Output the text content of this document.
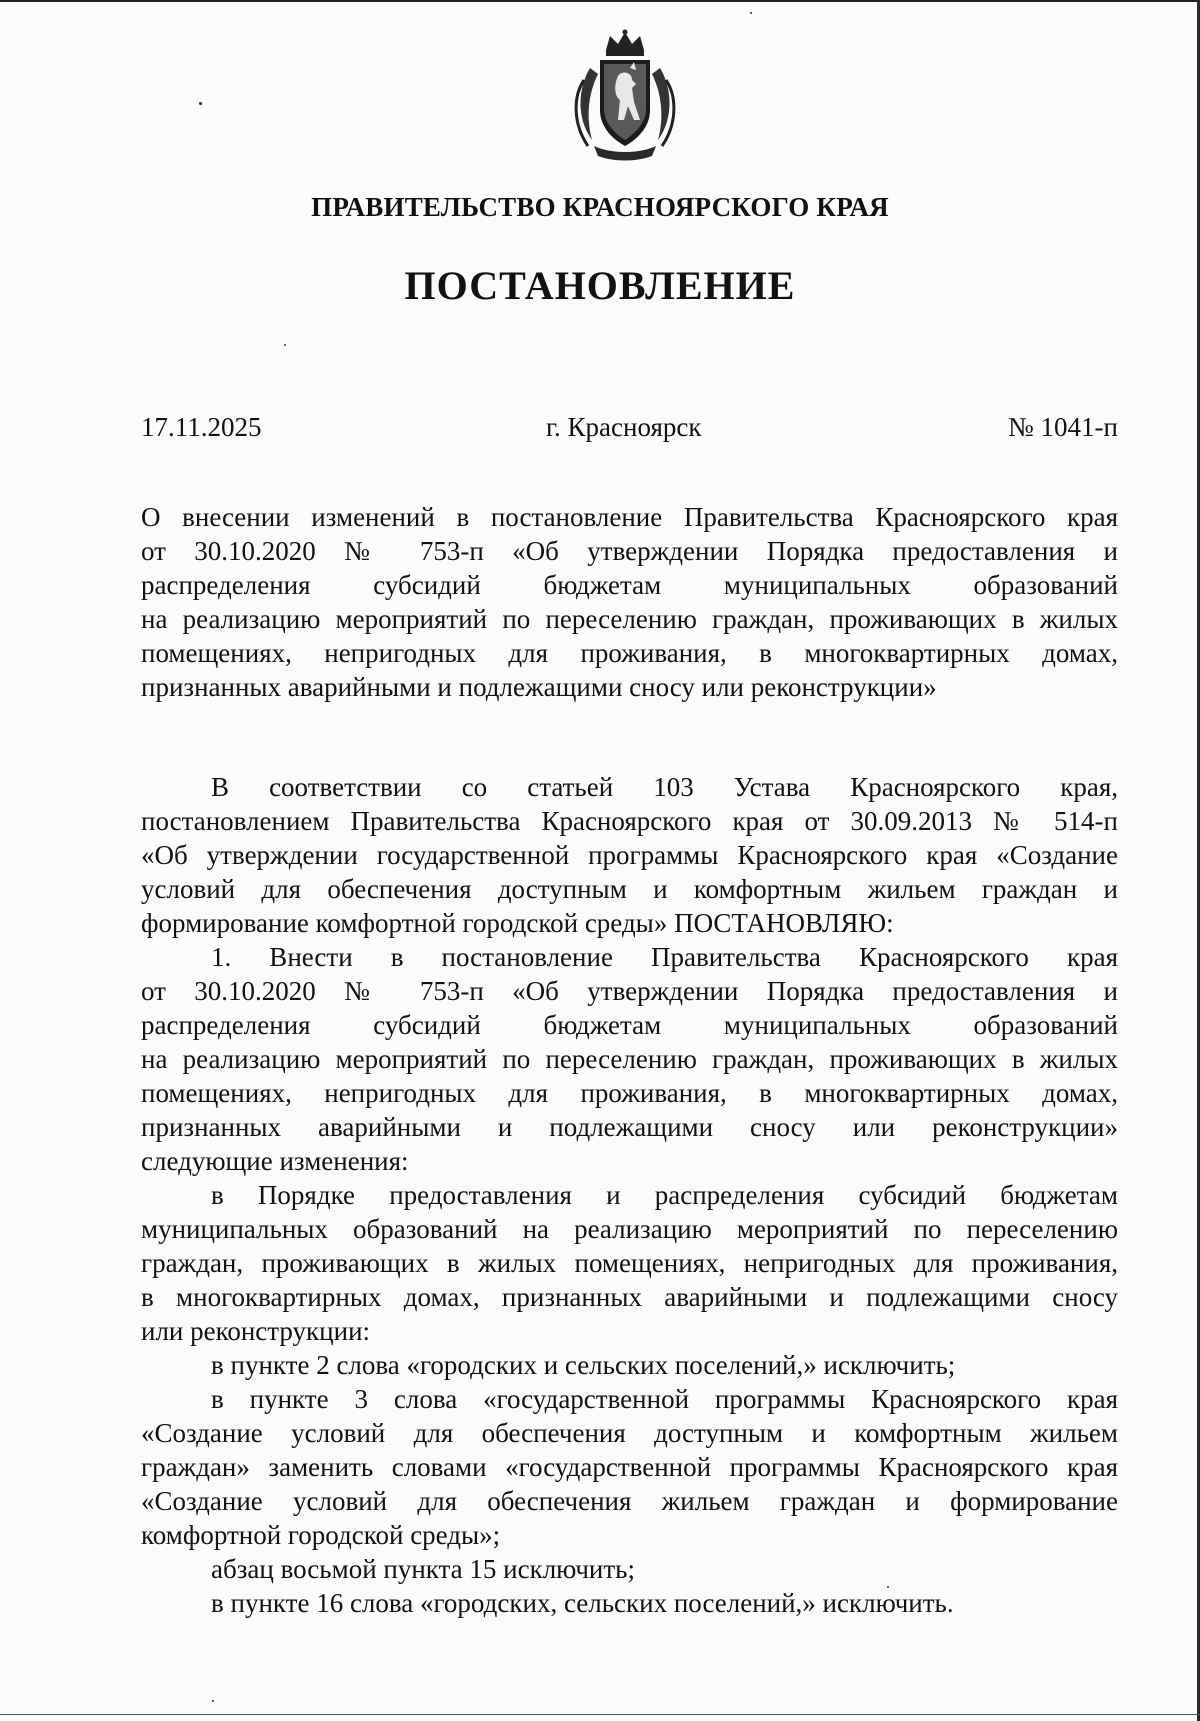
ПРАВИТЕЛЬСТВО КРАСНОЯРСКОГО КРАЯ
ПОСТАНОВЛЕНИЕ
17.11.2025	г. Красноярск	№ 1041-п
О внесении изменений в постановление Правительства Красноярского края
от 30.10.2020 № 753-п «Об утверждении Порядка предоставления и
распределения субсидий бюджетам муниципальных образований
на реализацию мероприятий по переселению граждан, проживающих в жилых
помещениях, непригодных для проживания, в многоквартирных домах,
признанных аварийными и подлежащими сносу или реконструкции»
В соответствии со статьей 103 Устава Красноярского края,
постановлением Правительства Красноярского края от 30.09.2013 № 514-п
«Об утверждении государственной программы Красноярского края «Создание
условий для обеспечения доступным и комфортным жильем граждан и
формирование комфортной городской среды» ПОСТАНОВЛЯЮ:
1. Внести в постановление Правительства Красноярского края
от 30.10.2020 № 753-п «Об утверждении Порядка предоставления и
распределения субсидий бюджетам муниципальных образований
на реализацию мероприятий по переселению граждан, проживающих в жилых
помещениях, непригодных для проживания, в многоквартирных домах,
признанных аварийными и подлежащими сносу или реконструкции»
следующие изменения:
в Порядке предоставления и распределения субсидий бюджетам
муниципальных образований на реализацию мероприятий по переселению
граждан, проживающих в жилых помещениях, непригодных для проживания,
в многоквартирных домах, признанных аварийными и подлежащими сносу
или реконструкции:
в пункте 2 слова «городских и сельских поселений,» исключить;
в пункте 3 слова «государственной программы Красноярского края
«Создание условий для обеспечения доступным и комфортным жильем
граждан» заменить словами «государственной программы Красноярского края
«Создание условий для обеспечения жильем граждан и формирование
комфортной городской среды»;
абзац восьмой пункта 15 исключить;
в пункте 16 слова «городских, сельских поселений,» исключить.
